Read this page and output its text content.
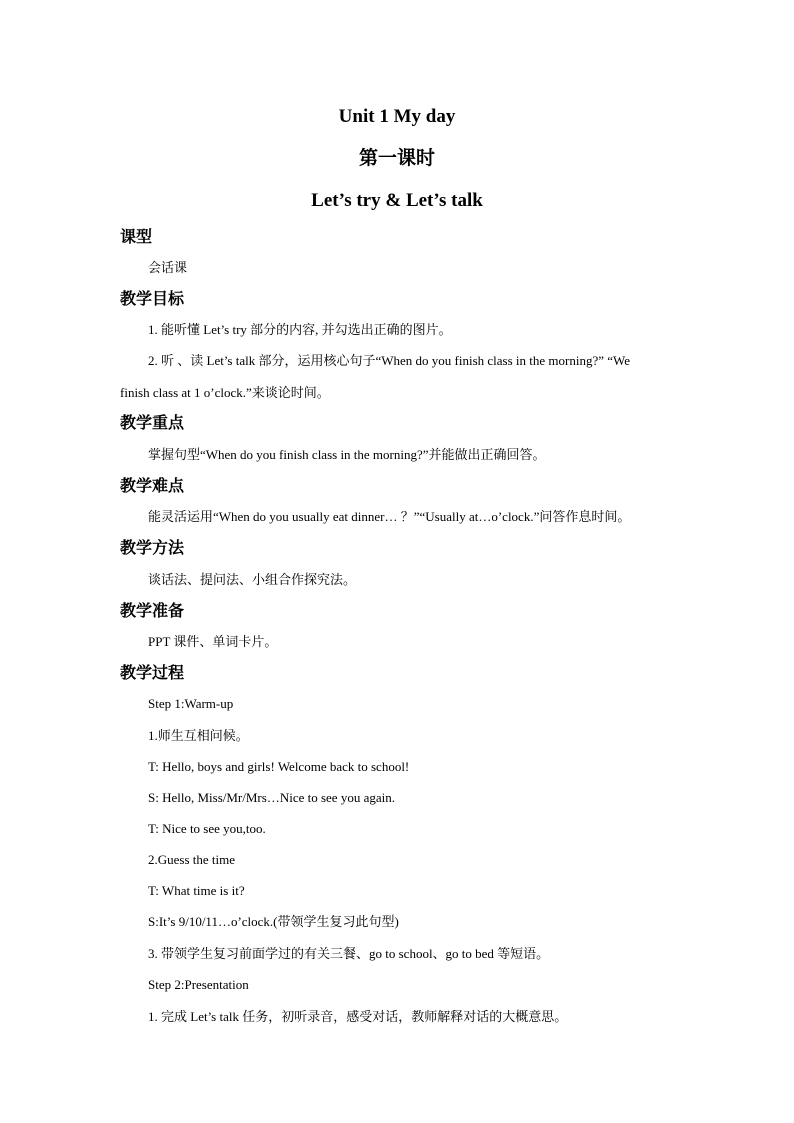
Unit 1 My day
第一课时
Let’s try & Let’s talk
课型
会话课
教学目标
1. 能听懂 Let’s try 部分的内容, 并勾选出正确的图片。
2. 听 、读 Let’s talk 部分，运用核心句子“When do you finish class in the morning?” “We
finish class at 1 o’clock.”来谈论时间。
教学重点
掌握句型“When do you finish class in the morning?”并能做出正确回答。
教学难点
能灵活运用“When do you usually eat dinner… ？”“Usually at…o’clock.”问答作息时间。
教学方法
谈话法、提问法、小组合作探究法。
教学准备
PPT 课件、单词卡片。
教学过程
Step 1:Warm-up
1.师生互相问候。
T: Hello, boys and girls! Welcome back to school!
S: Hello, Miss/Mr/Mrs…Nice to see you again.
T: Nice to see you,too.
2.Guess the time
T: What time is it?
S:It’s 9/10/11…o’clock.(带领学生复习此句型)
3. 带领学生复习前面学过的有关三餐、go to school、go to bed 等短语。
Step 2:Presentation
1. 完成 Let’s talk 任务，初听录音，感受对话，教师解释对话的大概意思。
